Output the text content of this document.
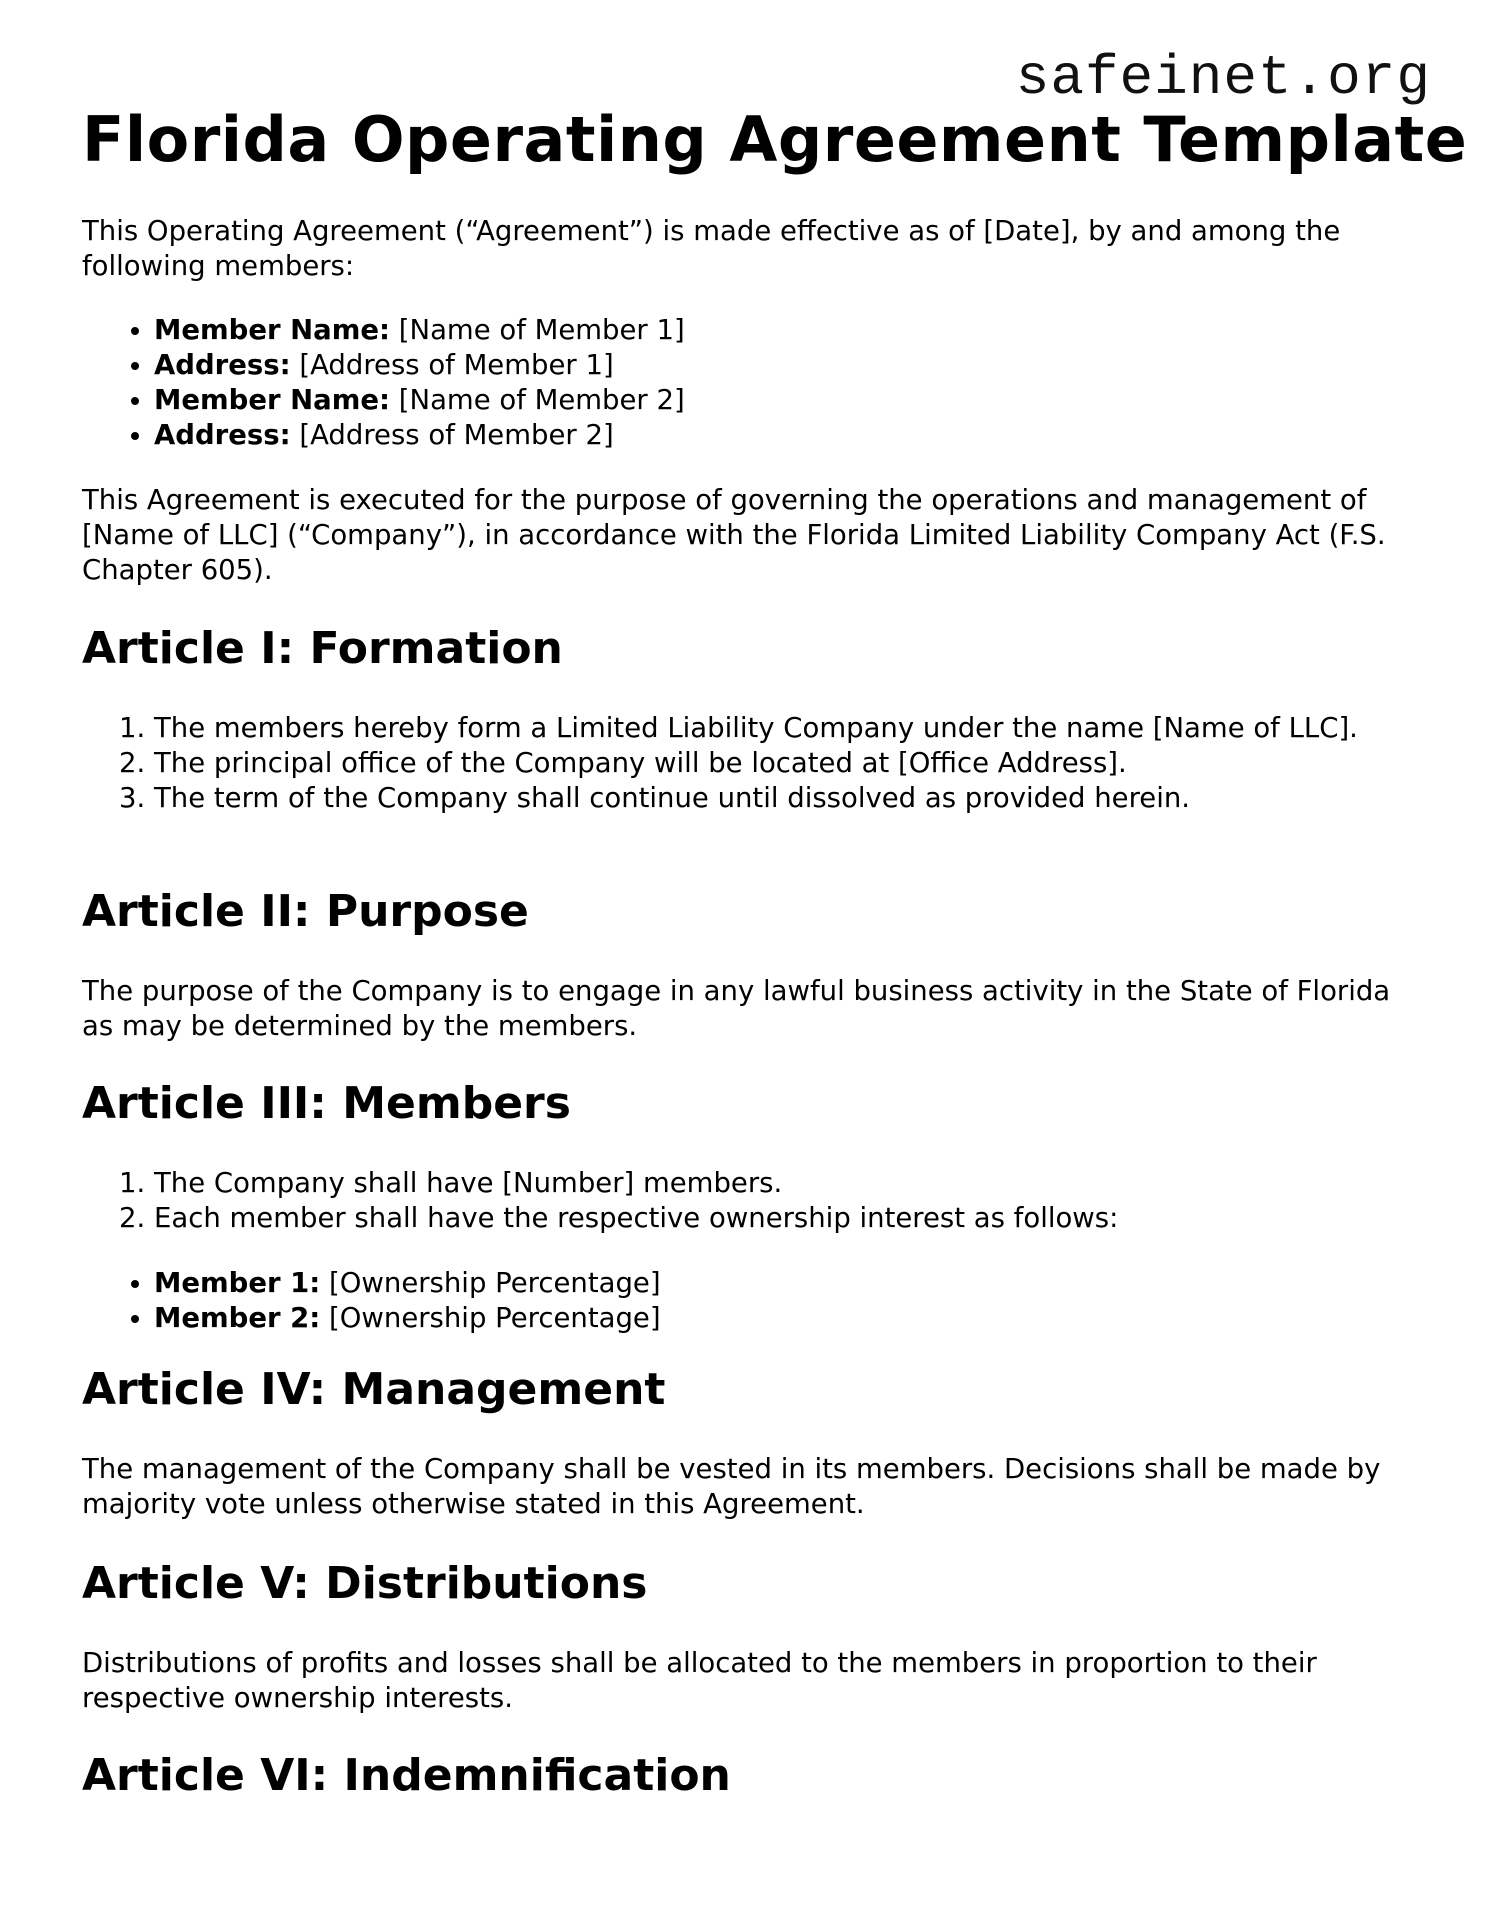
safeinet.org
Florida Operating Agreement Template

This Operating Agreement (“Agreement”) is made effective as of [Date], by and among the following members:

• Member Name: [Name of Member 1]
• Address: [Address of Member 1]
• Member Name: [Name of Member 2]
• Address: [Address of Member 2]

This Agreement is executed for the purpose of governing the operations and management of [Name of LLC] (“Company”), in accordance with the Florida Limited Liability Company Act (F.S. Chapter 605).

Article I: Formation
1. The members hereby form a Limited Liability Company under the name [Name of LLC].
2. The principal office of the Company will be located at [Office Address].
3. The term of the Company shall continue until dissolved as provided herein.
Article II: Purpose

The purpose of the Company is to engage in any lawful business activity in the State of Florida as may be determined by the members.

Article III: Members
1. The Company shall have [Number] members.
2. Each member shall have the respective ownership interest as follows:
• Member 1: [Ownership Percentage]
• Member 2: [Ownership Percentage]
Article IV: Management

The management of the Company shall be vested in its members. Decisions shall be made by majority vote unless otherwise stated in this Agreement.

Article V: Distributions

Distributions of profits and losses shall be allocated to the members in proportion to their respective ownership interests.

Article VI: Indemnification
